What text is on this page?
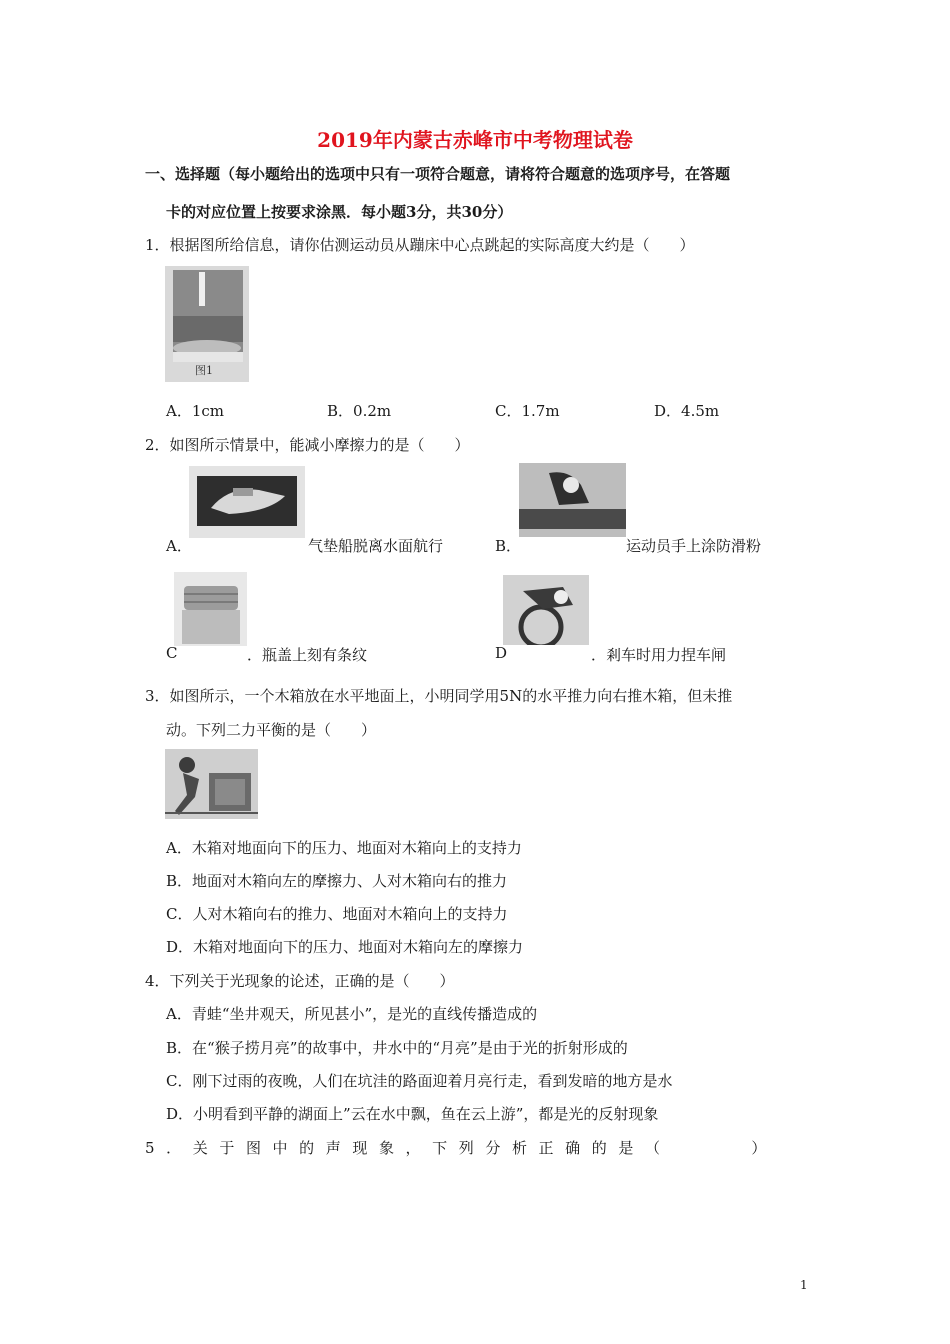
2019年内蒙古赤峰市中考物理试卷
一、选择题（每小题给出的选项中只有一项符合题意，请将符合题意的选项序号，在答题
卡的对应位置上按要求涂黑．每小题3分，共30分）
1．根据图所给信息，请你估测运动员从蹦床中心点跳起的实际高度大约是（　　）
图1
A．1cm	B．0.2m	C．1.7m	D．4.5m
2．如图所示情景中，能减小摩擦力的是（　　）
A．	气垫船脱离水面航行	B．	运动员手上涂防滑粉
C	．瓶盖上刻有条纹	D	．剎车时用力捏车闸
3．如图所示，一个木箱放在水平地面上，小明同学用5N的水平推力向右推木箱，但未推
动。下列二力平衡的是（　　）
A．木箱对地面向下的压力、地面对木箱向上的支持力
B．地面对木箱向左的摩擦力、人对木箱向右的推力
C．人对木箱向右的推力、地面对木箱向上的支持力
D．木箱对地面向下的压力、地面对木箱向左的摩擦力
4．下列关于光现象的论述，正确的是（　　）
A．青蛙“坐井观天，所见甚小”，是光的直线传播造成的
B．在“猴子捞月亮”的故事中，井水中的“月亮”是由于光的折射形成的
C．刚下过雨的夜晚，人们在坑洼的路面迎着月亮行走，看到发暗的地方是水
D．小明看到平静的湖面上”云在水中飘，鱼在云上游”，都是光的反射现象
5．关于图中的声现象，下列分析正确的是（　　　）
1
